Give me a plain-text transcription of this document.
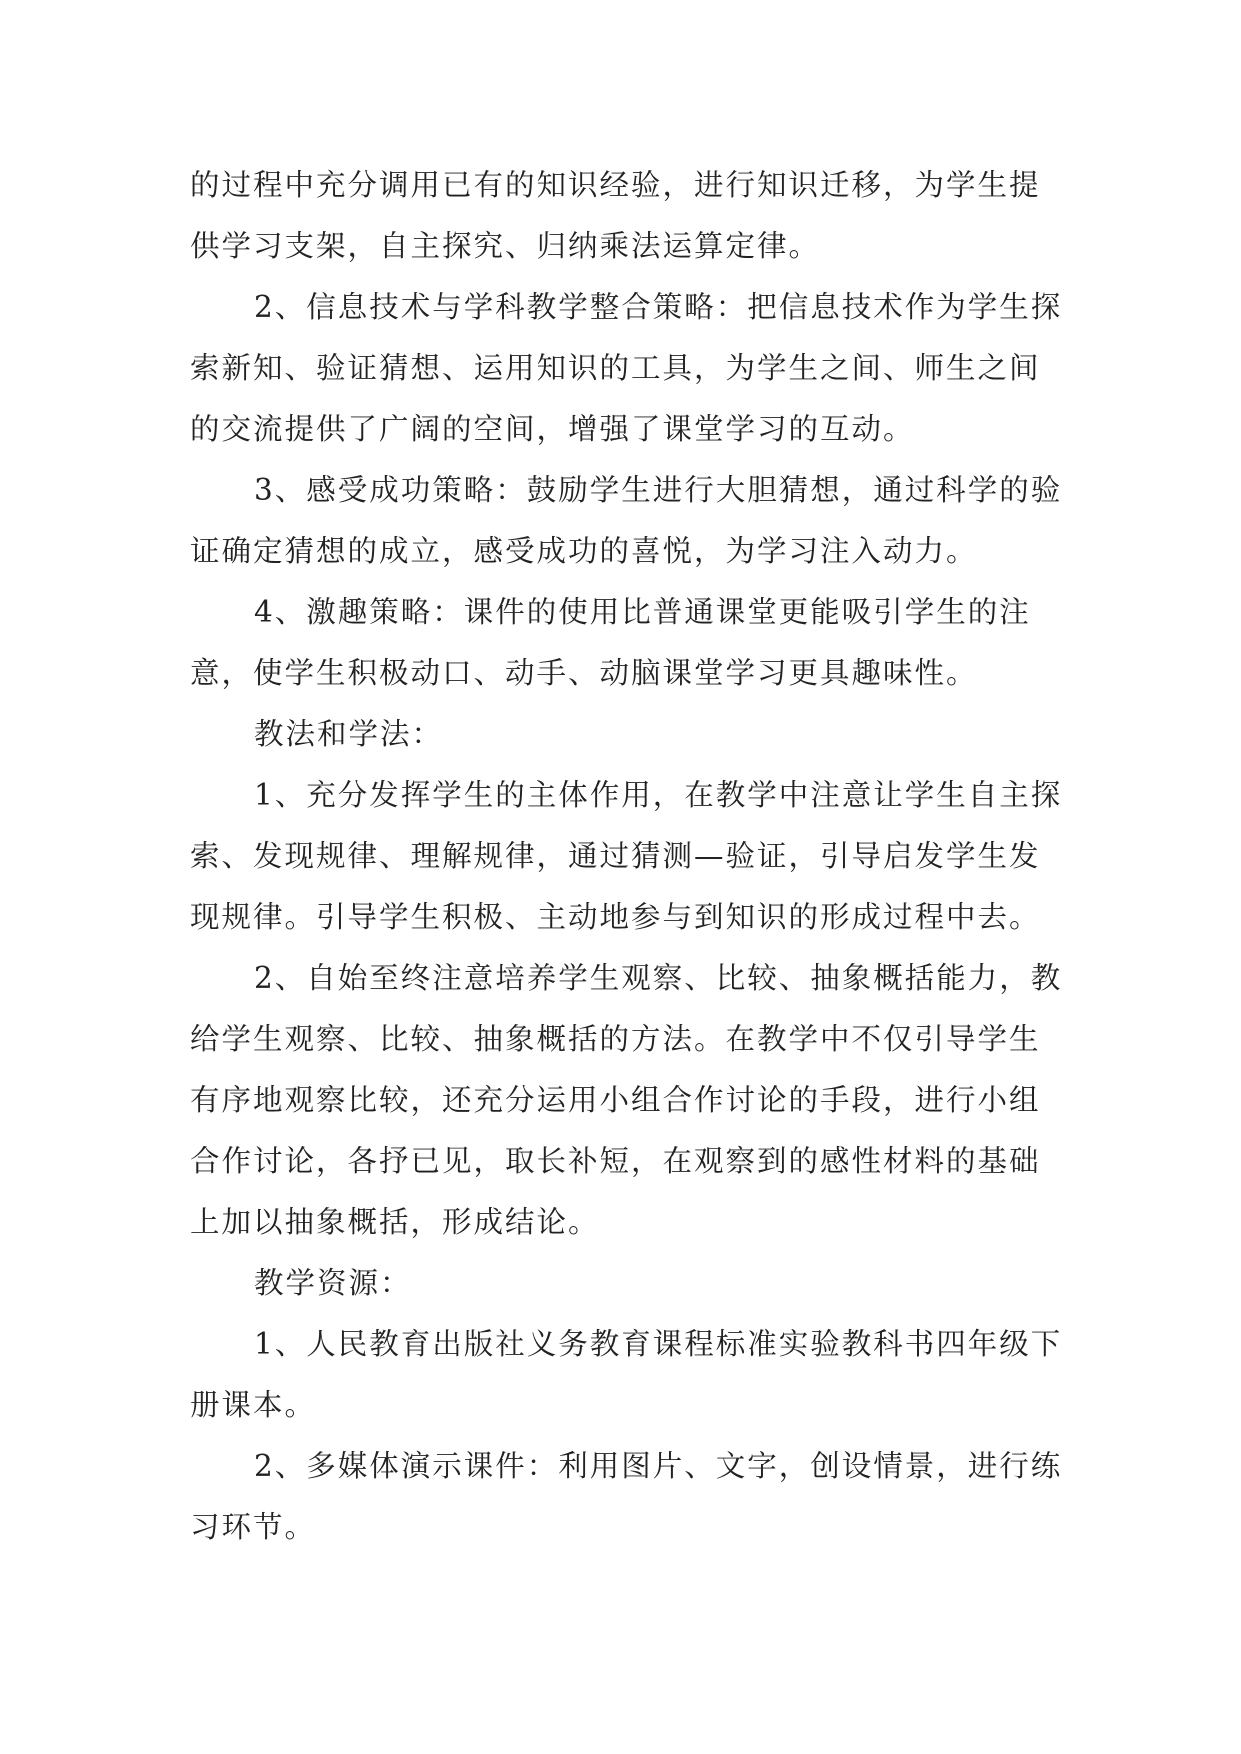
的过程中充分调用已有的知识经验，进行知识迁移，为学生提供学习支架，自主探究、归纳乘法运算定律。

2、信息技术与学科教学整合策略：把信息技术作为学生探索新知、验证猜想、运用知识的工具，为学生之间、师生之间的交流提供了广阔的空间，增强了课堂学习的互动。

3、感受成功策略：鼓励学生进行大胆猜想，通过科学的验证确定猜想的成立，感受成功的喜悦，为学习注入动力。

4、激趣策略：课件的使用比普通课堂更能吸引学生的注意，使学生积极动口、动手、动脑课堂学习更具趣味性。

教法和学法：

1、充分发挥学生的主体作用，在教学中注意让学生自主探索、发现规律、理解规律，通过猜测—验证，引导启发学生发现规律。引导学生积极、主动地参与到知识的形成过程中去。

2、自始至终注意培养学生观察、比较、抽象概括能力，教给学生观察、比较、抽象概括的方法。在教学中不仅引导学生有序地观察比较，还充分运用小组合作讨论的手段，进行小组合作讨论，各抒已见，取长补短，在观察到的感性材料的基础上加以抽象概括，形成结论。

教学资源：

1、人民教育出版社义务教育课程标准实验教科书四年级下册课本。

2、多媒体演示课件：利用图片、文字，创设情景，进行练习环节。
